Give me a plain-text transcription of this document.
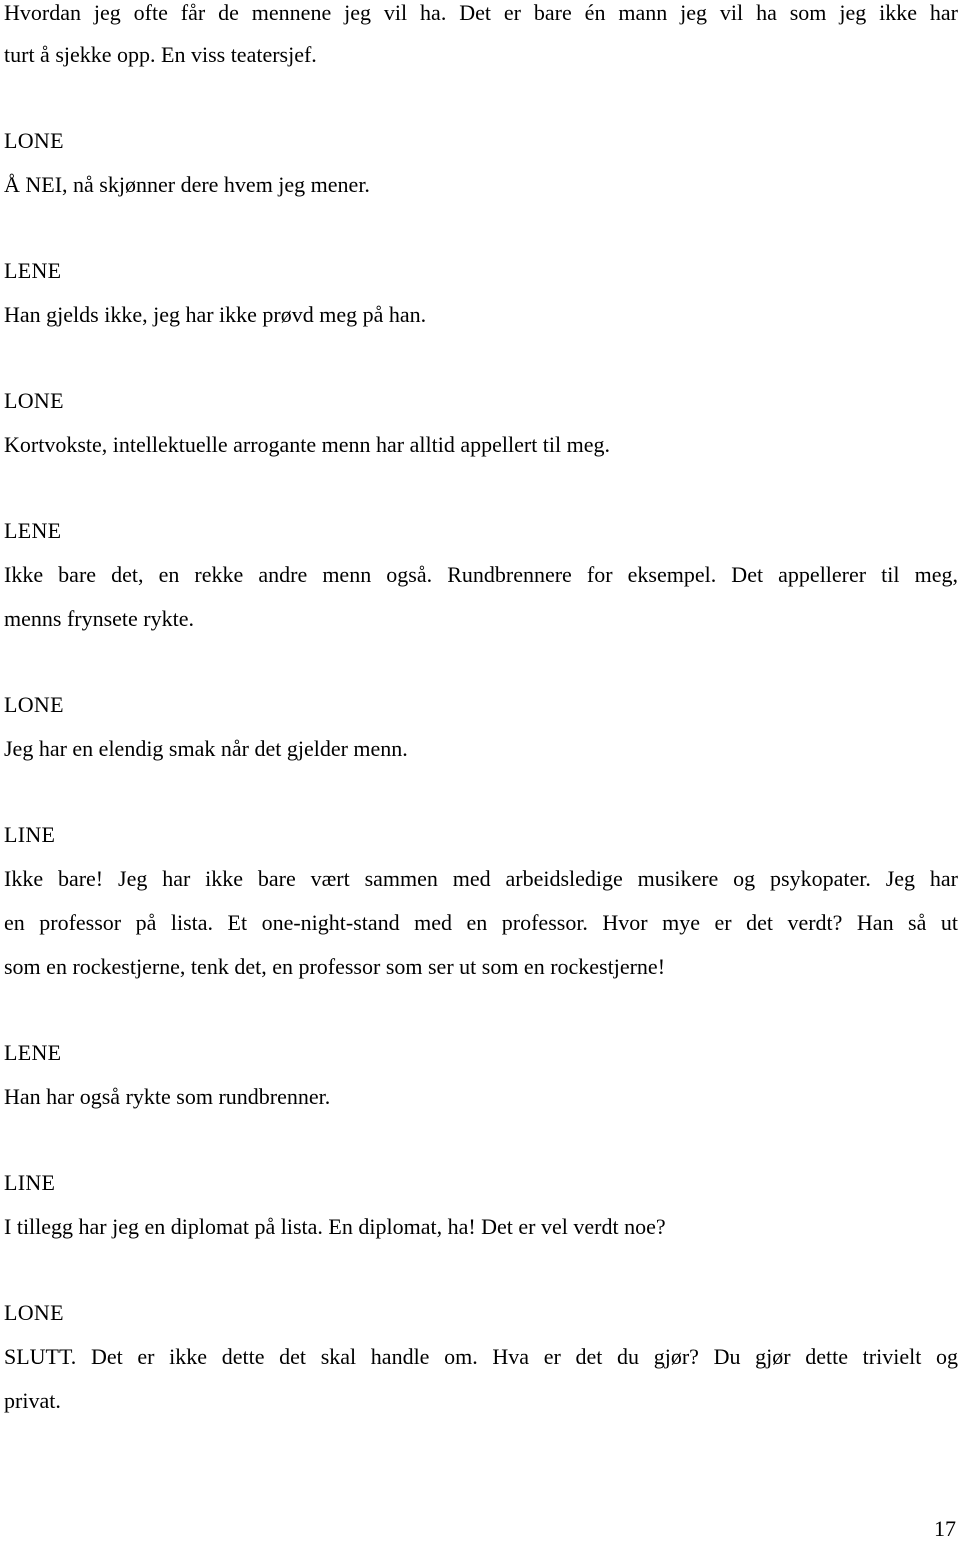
Hvordan jeg ofte får de mennene jeg vil ha. Det er bare én mann jeg vil ha som jeg ikke har
turt å sjekke opp. En viss teatersjef.
LONE
Å NEI, nå skjønner dere hvem jeg mener.
LENE
Han gjelds ikke, jeg har ikke prøvd meg på han.
LONE
Kortvokste, intellektuelle arrogante menn har alltid appellert til meg.
LENE
Ikke bare det, en rekke andre menn også. Rundbrennere for eksempel. Det appellerer til meg,
menns frynsete rykte.
LONE
Jeg har en elendig smak når det gjelder menn.
LINE
Ikke bare! Jeg har ikke bare vært sammen med arbeidsledige musikere og psykopater. Jeg har
en professor på lista. Et one-night-stand med en professor. Hvor mye er det verdt? Han så ut
som en rockestjerne, tenk det, en professor som ser ut som en rockestjerne!
LENE
Han har også rykte som rundbrenner.
LINE
I tillegg har jeg en diplomat på lista. En diplomat, ha! Det er vel verdt noe?
LONE
SLUTT. Det er ikke dette det skal handle om. Hva er det du gjør? Du gjør dette trivielt og
privat.
17
